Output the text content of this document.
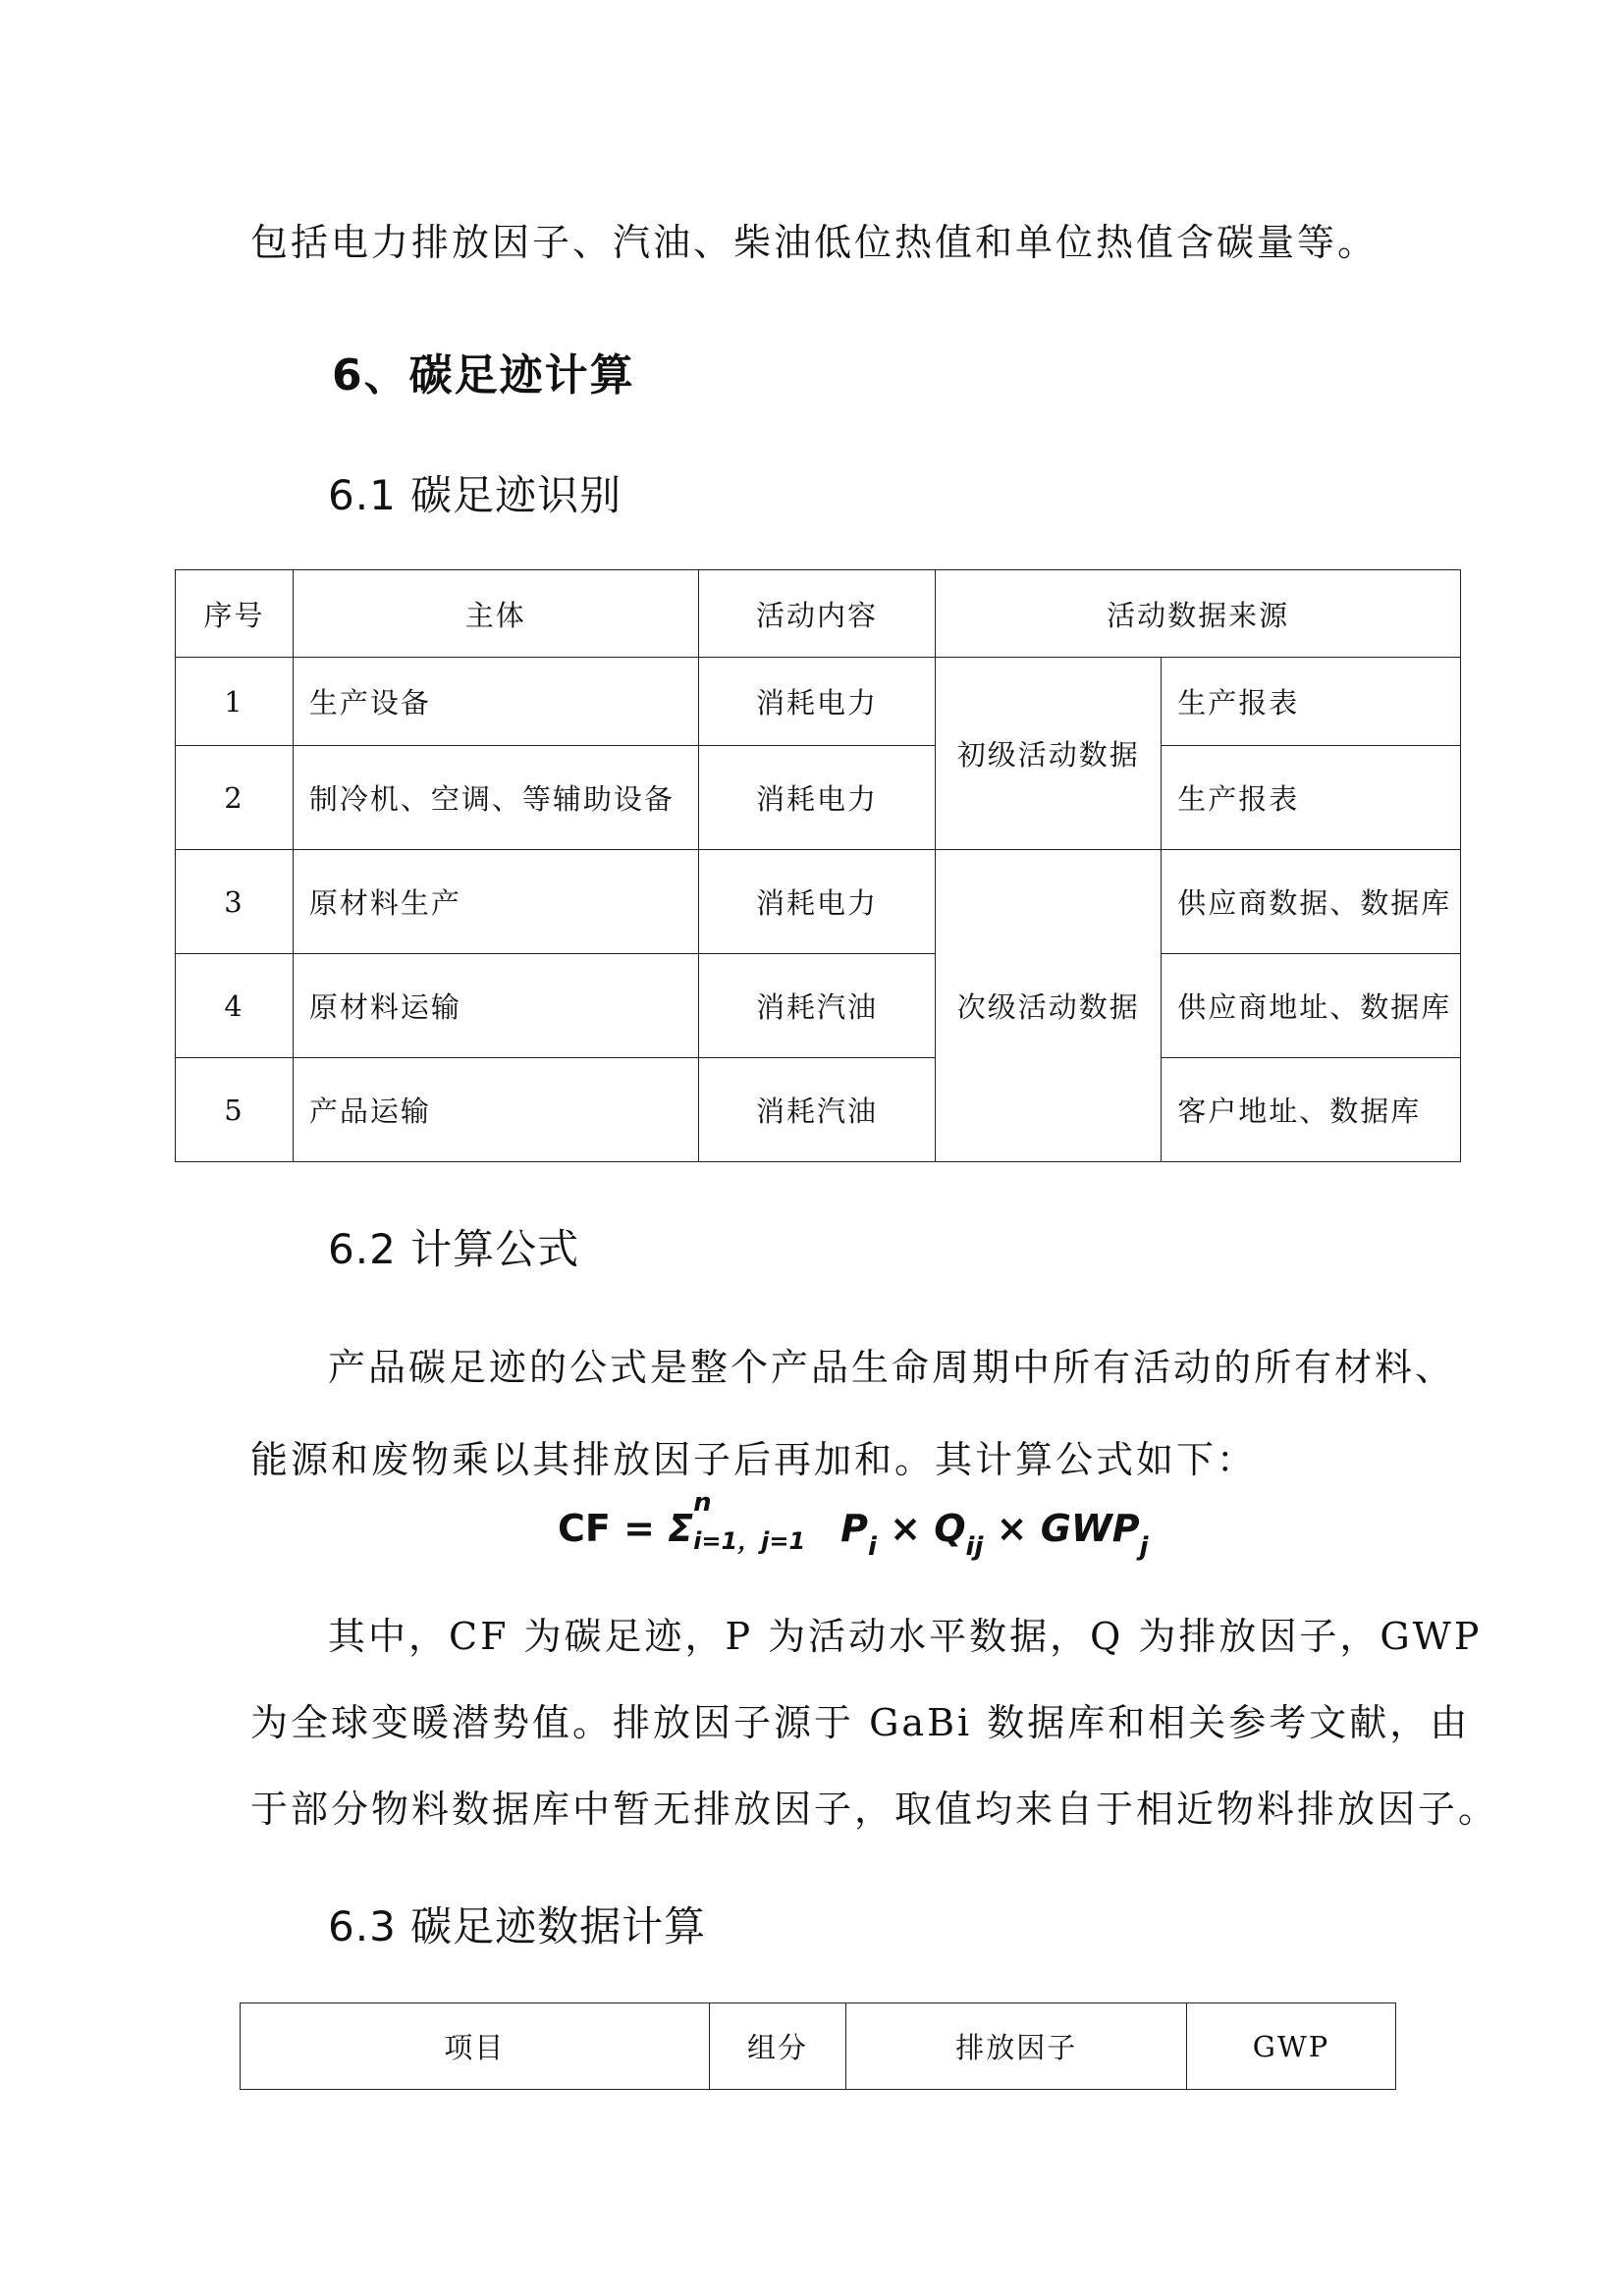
包括电力排放因子、汽油、柴油低位热值和单位热值含碳量等。
6、碳足迹计算
6.1 碳足迹识别
序号	主体	活动内容	活动数据来源	
1	生产设备	消耗电力	初级活动数据	生产报表
2	制冷机、空调、等辅助设备	消耗电力		生产报表
3	原材料生产	消耗电力	次级活动数据	供应商数据、数据库
4	原材料运输	消耗汽油		供应商地址、数据库
5	产品运输	消耗汽油		客户地址、数据库
6.2 计算公式
产品碳足迹的公式是整个产品生命周期中所有活动的所有材料、
能源和废物乘以其排放因子后再加和。其计算公式如下：
CF = Σ
n
i=1，j=1 $P_i \times Q_{ij} \times GWP_j$
其中，CF 为碳足迹，P 为活动水平数据，Q 为排放因子，GWP
为全球变暖潜势值。排放因子源于 GaBi 数据库和相关参考文献，由
于部分物料数据库中暂无排放因子，取值均来自于相近物料排放因子。
6.3 碳足迹数据计算
项目	组分	排放因子	GWP
